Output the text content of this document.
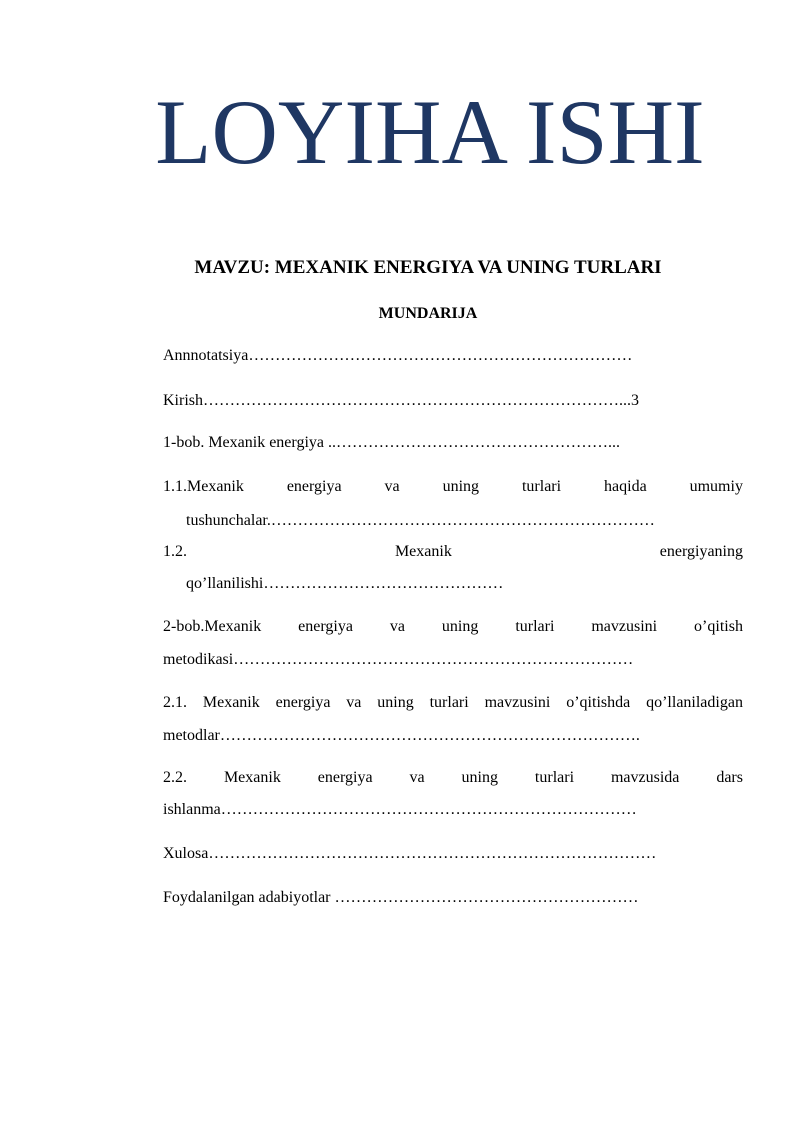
LOYIHA ISHI
MAVZU: MEXANIK ENERGIYA VA UNING TURLARI
MUNDARIJA
Annnotatsiya………………………………………………………………
Kirish……………………………………………………………………...3
1-bob. Mexanik energiya ..……………………………………………...
1.1.Mexanik	energiya	va	uning	turlari	haqida	umumiy
tushunchalar.………………………………………………………………
1.2.	Mexanik	energiyaning
qo’llanilishi………………………………………
2-bob.Mexanik energiya va uning turlari mavzusini o’qitish
metodikasi…………………………………………………………………
2.1. Mexanik energiya va uning turlari mavzusini o’qitishda qo’llaniladigan
metodlar…………………………………………………………………….
2.2. Mexanik energiya va uning turlari mavzusida dars
ishlanma……………………………………………………………………
Xulosa…………………………………………………………………………
Foydalanilgan adabiyotlar …………………………………………………
